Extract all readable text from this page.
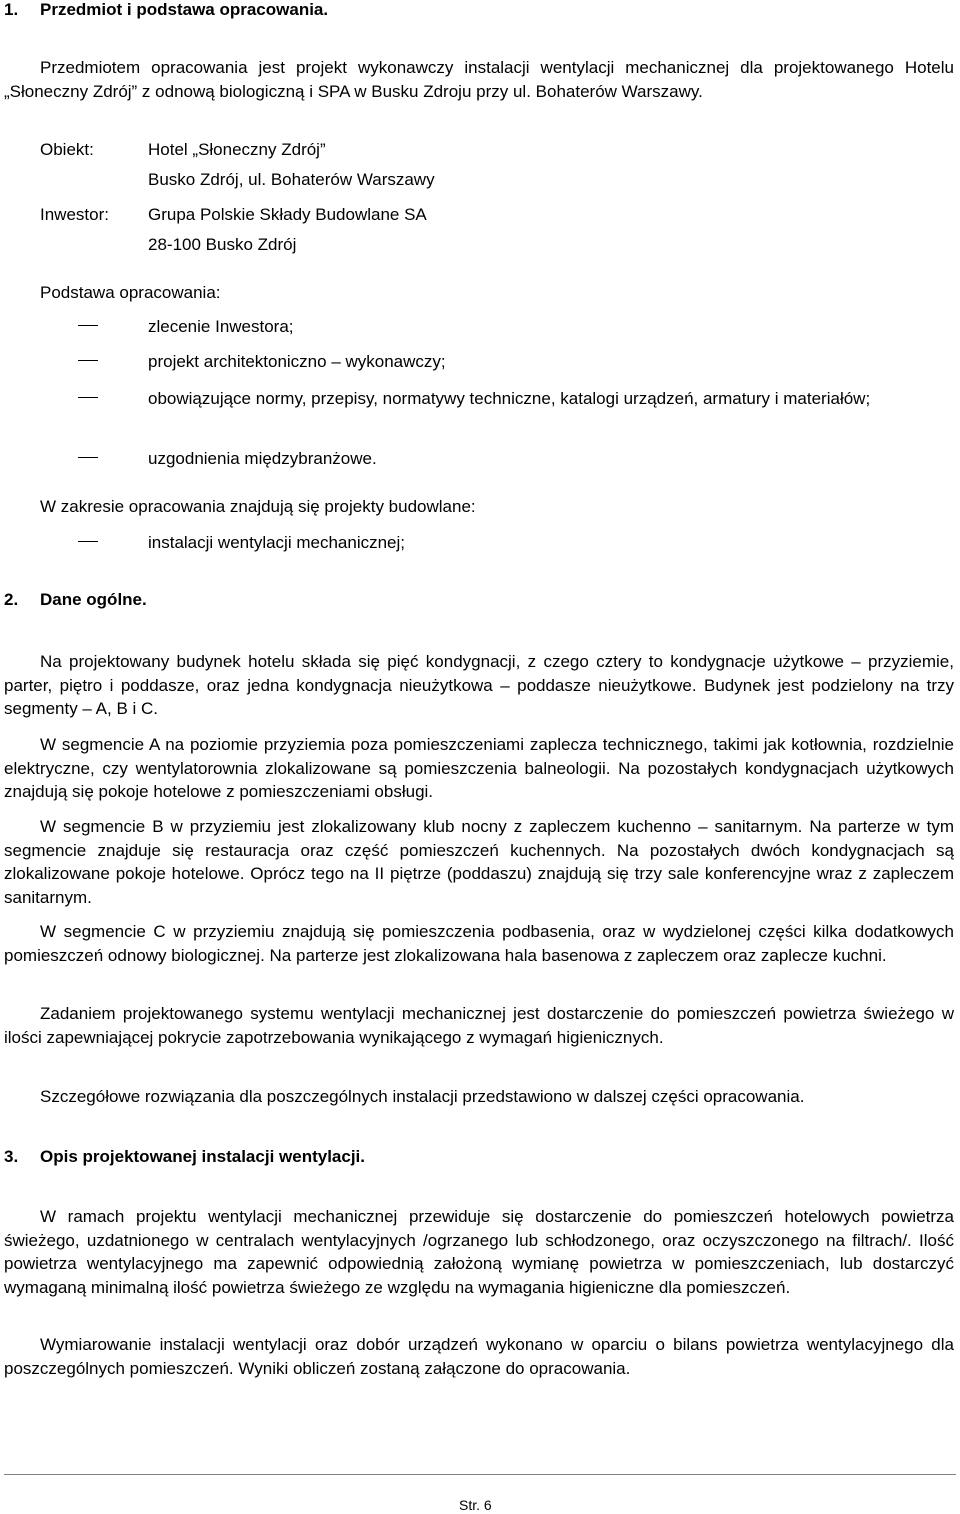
1. Przedmiot i podstawa opracowania.

Przedmiotem opracowania jest projekt wykonawczy instalacji wentylacji mechanicznej dla projektowanego Hotelu „Słoneczny Zdrój” z odnową biologiczną i SPA w Busku Zdroju przy ul. Bohaterów Warszawy.

Obiekt:	Hotel „Słoneczny Zdrój”
Busko Zdrój, ul. Bohaterów Warszawy
Inwestor: Grupa Polskie Składy Budowlane SA
28-100 Busko Zdrój
Podstawa opracowania:
zlecenie Inwestora;
projekt architektoniczno – wykonawczy;
obowiązujące normy, przepisy, normatywy techniczne, katalogi urządzeń, armatury i materiałów;
uzgodnienia międzybranżowe.
W zakresie opracowania znajdują się projekty budowlane:
instalacji wentylacji mechanicznej;
2. Dane ogólne.

Na projektowany budynek hotelu składa się pięć kondygnacji, z czego cztery to kondygnacje użytkowe – przyziemie, parter, piętro i poddasze, oraz jedna kondygnacja nieużytkowa – poddasze nieużytkowe. Budynek jest podzielony na trzy segmenty – A, B i C.

W segmencie A na poziomie przyziemia poza pomieszczeniami zaplecza technicznego, takimi jak kotłownia, rozdzielnie elektryczne, czy wentylatorownia zlokalizowane są pomieszczenia balneologii. Na pozostałych kondygnacjach użytkowych znajdują się pokoje hotelowe z pomieszczeniami obsługi.

W segmencie B w przyziemiu jest zlokalizowany klub nocny z zapleczem kuchenno – sanitarnym. Na parterze w tym segmencie znajduje się restauracja oraz część pomieszczeń kuchennych. Na pozostałych dwóch kondygnacjach są zlokalizowane pokoje hotelowe. Oprócz tego na II piętrze (poddaszu) znajdują się trzy sale konferencyjne wraz z zapleczem sanitarnym.

W segmencie C w przyziemiu znajdują się pomieszczenia podbasenia, oraz w wydzielonej części kilka dodatkowych pomieszczeń odnowy biologicznej. Na parterze jest zlokalizowana hala basenowa z zapleczem oraz zaplecze kuchni.

Zadaniem projektowanego systemu wentylacji mechanicznej jest dostarczenie do pomieszczeń powietrza świeżego w ilości zapewniającej pokrycie zapotrzebowania wynikającego z wymagań higienicznych.

Szczegółowe rozwiązania dla poszczególnych instalacji przedstawiono w dalszej części opracowania.

3. Opis projektowanej instalacji wentylacji.

W ramach projektu wentylacji mechanicznej przewiduje się dostarczenie do pomieszczeń hotelowych powietrza świeżego, uzdatnionego w centralach wentylacyjnych /ogrzanego lub schłodzonego, oraz oczyszczonego na filtrach/. Ilość powietrza wentylacyjnego ma zapewnić odpowiednią założoną wymianę powietrza w pomieszczeniach, lub dostarczyć wymaganą minimalną ilość powietrza świeżego ze względu na wymagania higieniczne dla pomieszczeń.

Wymiarowanie instalacji wentylacji oraz dobór urządzeń wykonano w oparciu o bilans powietrza wentylacyjnego dla poszczególnych pomieszczeń. Wyniki obliczeń zostaną załączone do opracowania.

Str. 6
